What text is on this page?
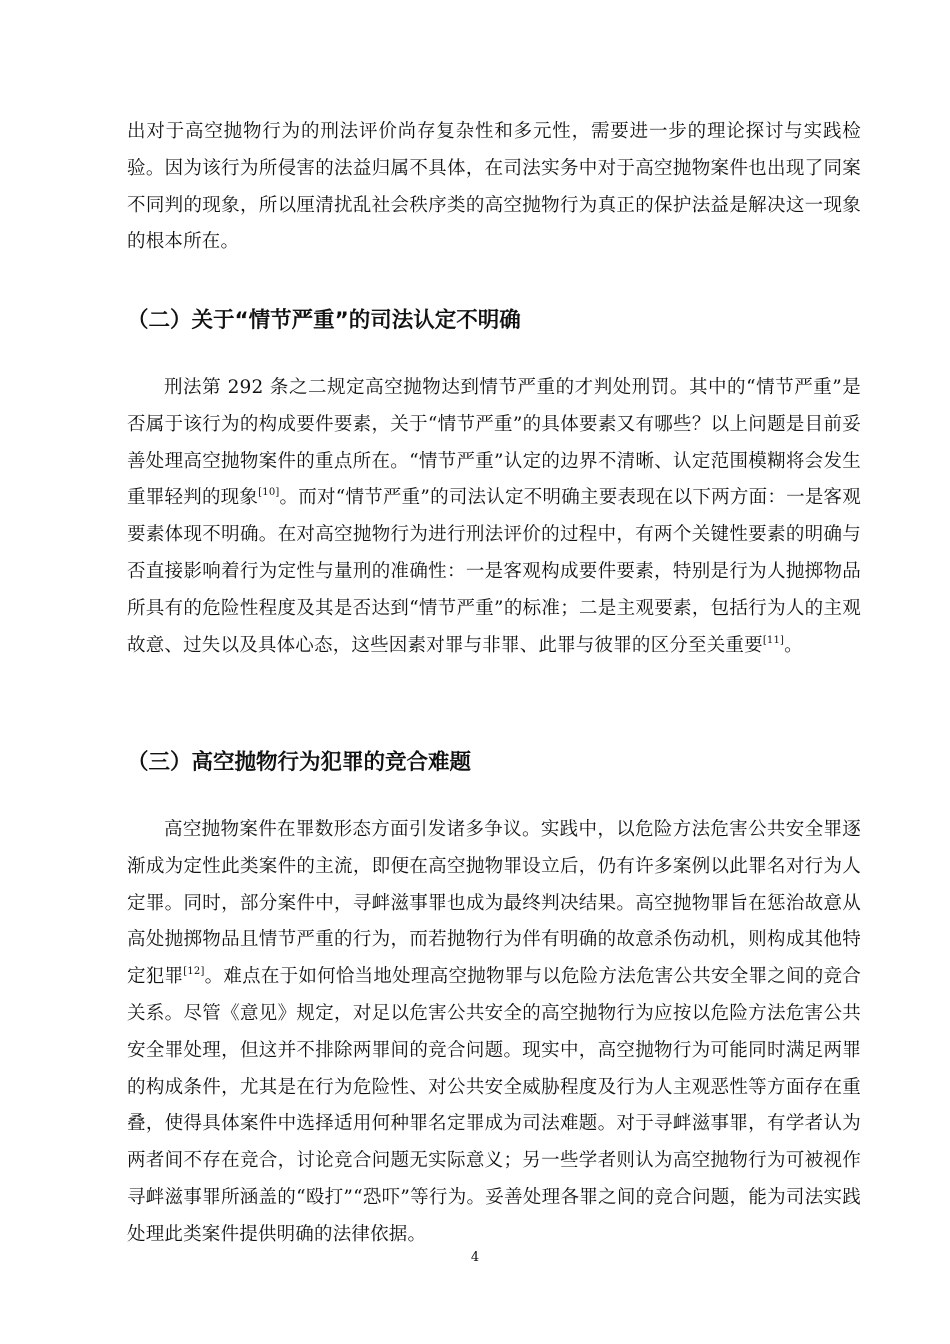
出对于高空抛物行为的刑法评价尚存复杂性和多元性，需要进一步的理论探讨与实践检验。因为该行为所侵害的法益归属不具体，在司法实务中对于高空抛物案件也出现了同案不同判的现象，所以厘清扰乱社会秩序类的高空抛物行为真正的保护法益是解决这一现象的根本所在。

（二）关于“情节严重”的司法认定不明确

刑法第 292 条之二规定高空抛物达到情节严重的才判处刑罚。其中的“情节严重”是否属于该行为的构成要件要素，关于“情节严重”的具体要素又有哪些？以上问题是目前妥善处理高空抛物案件的重点所在。“情节严重”认定的边界不清晰、认定范围模糊将会发生重罪轻判的现象[10]。而对“情节严重”的司法认定不明确主要表现在以下两方面：一是客观要素体现不明确。在对高空抛物行为进行刑法评价的过程中，有两个关键性要素的明确与否直接影响着行为定性与量刑的准确性：一是客观构成要件要素，特别是行为人抛掷物品所具有的危险性程度及其是否达到“情节严重”的标准；二是主观要素，包括行为人的主观故意、过失以及具体心态，这些因素对罪与非罪、此罪与彼罪的区分至关重要[11]。

（三）高空抛物行为犯罪的竞合难题

高空抛物案件在罪数形态方面引发诸多争议。实践中，以危险方法危害公共安全罪逐渐成为定性此类案件的主流，即便在高空抛物罪设立后，仍有许多案例以此罪名对行为人定罪。同时，部分案件中，寻衅滋事罪也成为最终判决结果。高空抛物罪旨在惩治故意从高处抛掷物品且情节严重的行为，而若抛物行为伴有明确的故意杀伤动机，则构成其他特定犯罪[12]。难点在于如何恰当地处理高空抛物罪与以危险方法危害公共安全罪之间的竞合关系。尽管《意见》规定，对足以危害公共安全的高空抛物行为应按以危险方法危害公共安全罪处理，但这并不排除两罪间的竞合问题。现实中，高空抛物行为可能同时满足两罪的构成条件，尤其是在行为危险性、对公共安全威胁程度及行为人主观恶性等方面存在重叠，使得具体案件中选择适用何种罪名定罪成为司法难题。对于寻衅滋事罪，有学者认为两者间不存在竞合，讨论竞合问题无实际意义；另一些学者则认为高空抛物行为可被视作寻衅滋事罪所涵盖的“殴打”“恐吓”等行为。妥善处理各罪之间的竞合问题，能为司法实践处理此类案件提供明确的法律依据。

4
